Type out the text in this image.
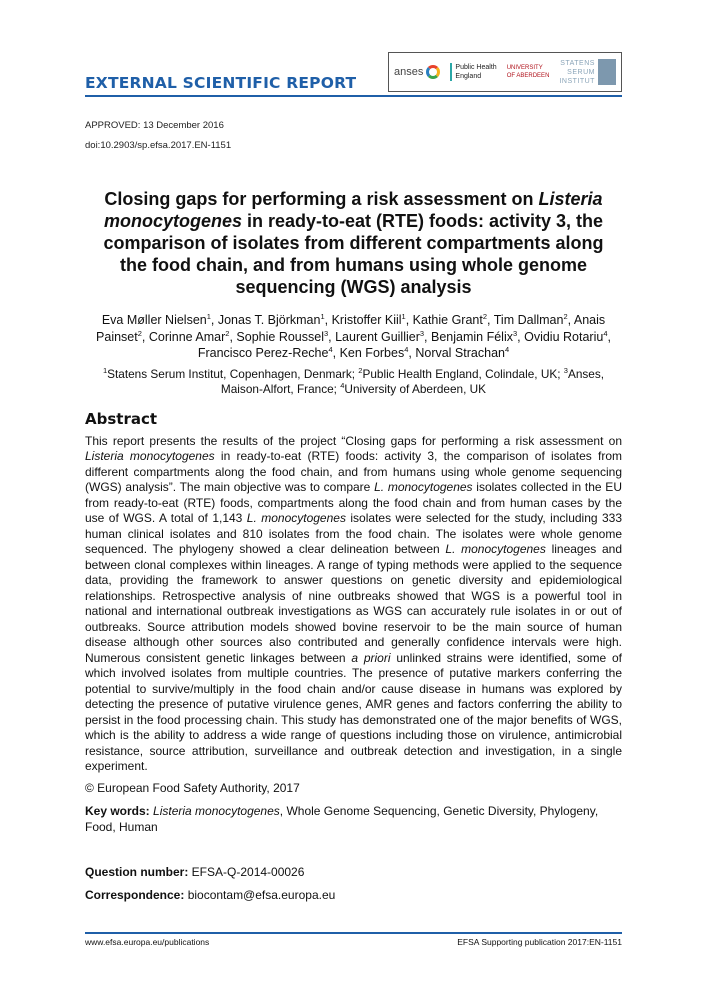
EXTERNAL SCIENTIFIC REPORT
anses	Public Health
England
UNIVERSITY
OF ABERDEEN
STATENS
SERUM
INSTITUT
APPROVED: 13 December 2016
doi:10.2903/sp.efsa.2017.EN-1151
Closing gaps for performing a risk assessment on Listeria monocytogenes in ready-to-eat (RTE) foods: activity 3, the comparison of isolates from different compartments along the food chain, and from humans using whole genome sequencing (WGS) analysis
Eva Møller Nielsen$^1$, Jonas T. Björkman$^1$, Kristoffer Kiil$^1$, Kathie Grant$^2$, Tim Dallman$^2$, Anais Painset$^2$, Corinne Amar$^2$, Sophie Roussel$^3$, Laurent Guillier$^3$, Benjamin Félix$^3$, Ovidiu Rotariu$^4$, Francisco Perez-Reche$^4$, Ken Forbes$^4$, Norval Strachan$^4$
$^1$Statens Serum Institut, Copenhagen, Denmark; $^2$Public Health England, Colindale, UK; $^3$Anses, Maison-Alfort, France; $^4$University of Aberdeen, UK
Abstract
This report presents the results of the project “Closing gaps for performing a risk assessment on Listeria monocytogenes in ready-to-eat (RTE) foods: activity 3, the comparison of isolates from different compartments along the food chain, and from humans using whole genome sequencing (WGS) analysis”. The main objective was to compare L. monocytogenes isolates collected in the EU from ready-to-eat (RTE) foods, compartments along the food chain and from human cases by the use of WGS. A total of 1,143 L. monocytogenes isolates were selected for the study, including 333 human clinical isolates and 810 isolates from the food chain. The isolates were whole genome sequenced. The phylogeny showed a clear delineation between L. monocytogenes lineages and between clonal complexes within lineages. A range of typing methods were applied to the sequence data, providing the framework to answer questions on genetic diversity and epidemiological relationships. Retrospective analysis of nine outbreaks showed that WGS is a powerful tool in national and international outbreak investigations as WGS can accurately rule isolates in or out of outbreaks. Source attribution models showed bovine reservoir to be the main source of human disease although other sources also contributed and generally confidence intervals were high. Numerous consistent genetic linkages between a priori unlinked strains were identified, some of which involved isolates from multiple countries. The presence of putative markers conferring the potential to survive/multiply in the food chain and/or cause disease in humans was explored by detecting the presence of putative virulence genes, AMR genes and factors conferring the ability to persist in the food processing chain. This study has demonstrated one of the major benefits of WGS, which is the ability to address a wide range of questions including those on virulence, antimicrobial resistance, source attribution, surveillance and outbreak detection and investigation, in a single experiment.
© European Food Safety Authority, 2017
Key words: Listeria monocytogenes, Whole Genome Sequencing, Genetic Diversity, Phylogeny, Food, Human
Question number: EFSA-Q-2014-00026
Correspondence: biocontam@efsa.europa.eu
www.efsa.europa.eu/publications	EFSA Supporting publication 2017:EN-1151
